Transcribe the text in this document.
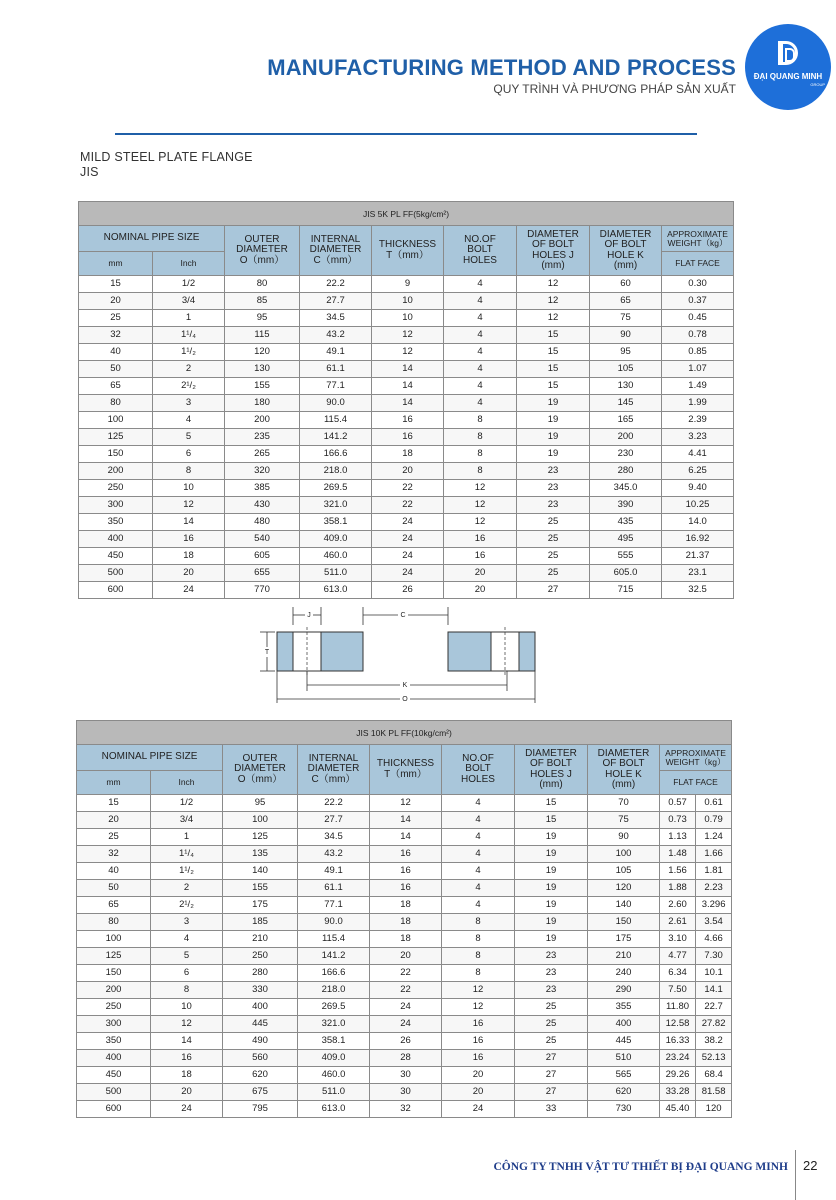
MANUFACTURING METHOD AND PROCESS
QUY TRÌNH VÀ PHƯƠNG PHÁP SẢN XUẤT
ĐẠI QUANG MINH
GROUP
MILD STEEL PLATE FLANGE
JIS
JIS 5K PL FF(5kg/cm²)								
NOMINAL PIPE SIZE		OUTER
DIAMETER
O（mm）	INTERNAL
DIAMETER
C（mm）	THICKNESS
T（mm）	NO.OF
BOLT
HOLES	DIAMETER
OF BOLT
HOLES J
(mm)	DIAMETER
OF BOLT
HOLE K
(mm)	APPROXIMATE
WEIGHT（kg）
mm	Inch							FLAT FACE
15	1/2	80	22.2	9	4	12	60	0.30
20	3/4	85	27.7	10	4	12	65	0.37
25	1	95	34.5	10	4	12	75	0.45
32	1¹/₄	115	43.2	12	4	15	90	0.78
40	1¹/₂	120	49.1	12	4	15	95	0.85
50	2	130	61.1	14	4	15	105	1.07
65	2¹/₂	155	77.1	14	4	15	130	1.49
80	3	180	90.0	14	4	19	145	1.99
100	4	200	115.4	16	8	19	165	2.39
125	5	235	141.2	16	8	19	200	3.23
150	6	265	166.6	18	8	19	230	4.41
200	8	320	218.0	20	8	23	280	6.25
250	10	385	269.5	22	12	23	345.0	9.40
300	12	430	321.0	22	12	23	390	10.25
350	14	480	358.1	24	12	25	435	14.0
400	16	540	409.0	24	16	25	495	16.92
450	18	605	460.0	24	16	25	555	21.37
500	20	655	511.0	24	20	25	605.0	23.1
600	24	770	613.0	26	20	27	715	32.5
J	C
T
K
O
JIS 10K PL FF(10kg/cm²)								
NOMINAL PIPE SIZE		OUTER
DIAMETER
O（mm）	INTERNAL
DIAMETER
C（mm）	THICKNESS
T（mm）	NO.OF
BOLT
HOLES	DIAMETER
OF BOLT
HOLES J
(mm)	DIAMETER
OF BOLT
HOLE K
(mm)	APPROXIMATE
WEIGHT（kg）
mm	Inch							FLAT FACE
15	1/2	95	22.2	12	4	15	70	0.57 0.61

20	3/4	100	27.7	14	4	15	75	0.73 0.79

25	1	125	34.5	14	4	19	90	1.13 1.24

32	1¹/₄	135	43.2	16	4	19	100	1.48 1.66

40	1¹/₂	140	49.1	16	4	19	105	1.56 1.81

50	2	155	61.1	16	4	19	120	1.88 2.23

65	2¹/₂	175	77.1	18	4	19	140	2.60 3.296

80	3	185	90.0	18	8	19	150	2.61 3.54

100	4	210	115.4	18	8	19	175	3.10 4.66

125	5	250	141.2	20	8	23	210	4.77 7.30

150	6	280	166.6	22	8	23	240	6.34 10.1

200	8	330	218.0	22	12	23	290	7.50 14.1

250	10	400	269.5	24	12	25	355	11.80 22.7

300	12	445	321.0	24	16	25	400	12.58 27.82

350	14	490	358.1	26	16	25	445	16.33 38.2

400	16	560	409.0	28	16	27	510	23.24 52.13

450	18	620	460.0	30	20	27	565	29.26 68.4

500	20	675	511.0	30	20	27	620	33.28 81.58

600	24	795	613.0	32	24	33	730	45.40 120
CÔNG TY TNHH VẬT TƯ THIẾT BỊ ĐẠI QUANG MINH 22
